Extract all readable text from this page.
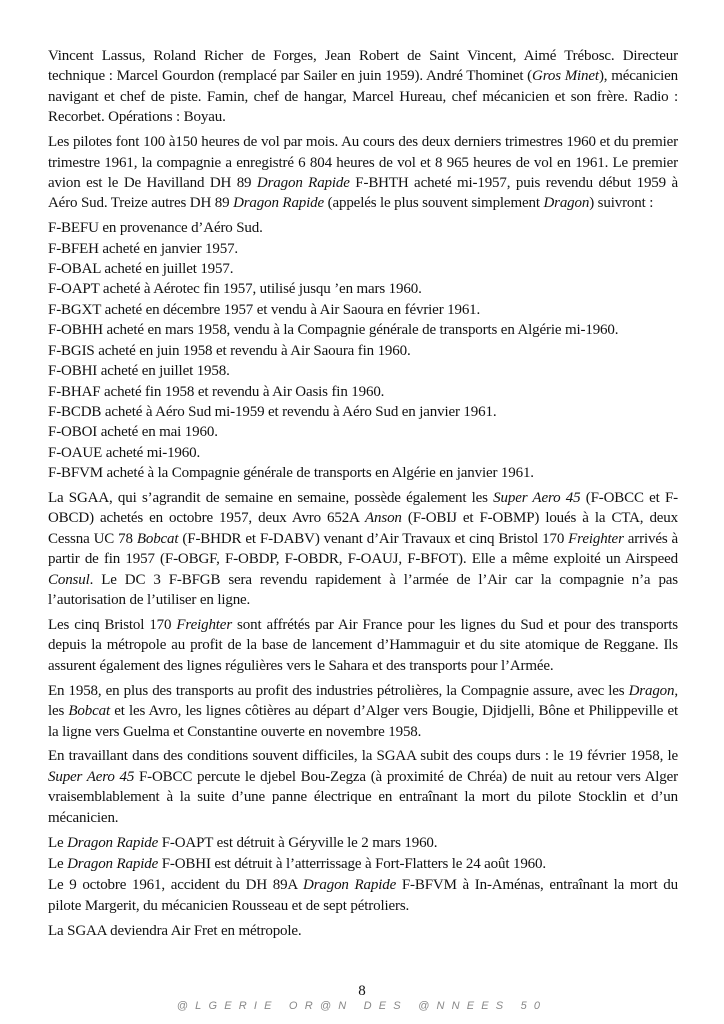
Vincent Lassus, Roland Richer de Forges, Jean Robert de Saint Vincent, Aimé Trébosc. Directeur technique : Marcel Gourdon (remplacé par Sailer en juin 1959). André Thominet (Gros Minet), mécanicien navigant et chef de piste. Famin, chef de hangar, Marcel Hureau, chef mécanicien et son frère. Radio : Recorbet. Opérations : Boyau.

Les pilotes font 100 à150 heures de vol par mois. Au cours des deux derniers trimestres 1960 et du premier trimestre 1961, la compagnie a enregistré 6 804 heures de vol et 8 965 heures de vol en 1961. Le premier avion est le De Havilland DH 89 Dragon Rapide F-BHTH acheté mi-1957, puis revendu début 1959 à Aéro Sud. Treize autres DH 89 Dragon Rapide (appelés le plus souvent simplement Dragon) suivront :

F-BEFU en provenance d’Aéro Sud.

F-BFEH acheté en janvier 1957.

F-OBAL acheté en juillet 1957.

F-OAPT acheté à Aérotec fin 1957, utilisé jusqu ’en mars 1960.

F-BGXT acheté en décembre 1957 et vendu à Air Saoura en février 1961.

F-OBHH acheté en mars 1958, vendu à la Compagnie générale de transports en Algérie mi-1960.

F-BGIS acheté en juin 1958 et revendu à Air Saoura fin 1960.

F-OBHI acheté en juillet 1958.

F-BHAF acheté fin 1958 et revendu à Air Oasis fin 1960.

F-BCDB acheté à Aéro Sud mi-1959 et revendu à Aéro Sud en janvier 1961.

F-OBOI acheté en mai 1960.

F-OAUE acheté mi-1960.

F-BFVM acheté à la Compagnie générale de transports en Algérie en janvier 1961.

La SGAA, qui s’agrandit de semaine en semaine, possède également les Super Aero 45 (F-OBCC et F-OBCD) achetés en octobre 1957, deux Avro 652A Anson (F-OBIJ et F-OBMP) loués à la CTA, deux Cessna UC 78 Bobcat (F-BHDR et F-DABV) venant d’Air Travaux et cinq Bristol 170 Freighter arrivés à partir de fin 1957 (F-OBGF, F-OBDP, F-OBDR, F-OAUJ, F-BFOT). Elle a même exploité un Airspeed Consul. Le DC 3 F-BFGB sera revendu rapidement à l’armée de l’Air car la compagnie n’a pas l’autorisation de l’utiliser en ligne.

Les cinq Bristol 170 Freighter sont affrétés par Air France pour les lignes du Sud et pour des transports depuis la métropole au profit de la base de lancement d’Hammaguir et du site atomique de Reggane. Ils assurent également des lignes régulières vers le Sahara et des transports pour l’Armée.

En 1958, en plus des transports au profit des industries pétrolières, la Compagnie assure, avec les Dragon, les Bobcat et les Avro, les lignes côtières au départ d’Alger vers Bougie, Djidjelli, Bône et Philippeville et la ligne vers Guelma et Constantine ouverte en novembre 1958.

En travaillant dans des conditions souvent difficiles, la SGAA subit des coups durs : le 19 février 1958, le Super Aero 45 F-OBCC percute le djebel Bou-Zegza (à proximité de Chréa) de nuit au retour vers Alger vraisemblablement à la suite d’une panne électrique en entraînant la mort du pilote Stocklin et d’un mécanicien.

Le Dragon Rapide F-OAPT est détruit à Géryville le 2 mars 1960.

Le Dragon Rapide F-OBHI est détruit à l’atterrissage à Fort-Flatters le 24 août 1960.

Le 9 octobre 1961, accident du DH 89A Dragon Rapide F-BFVM à In-Aménas, entraînant la mort du pilote Margerit, du mécanicien Rousseau et de sept pétroliers.

La SGAA deviendra Air Fret en métropole.

8
@LGERIE OR@N DES @NNEES 50
